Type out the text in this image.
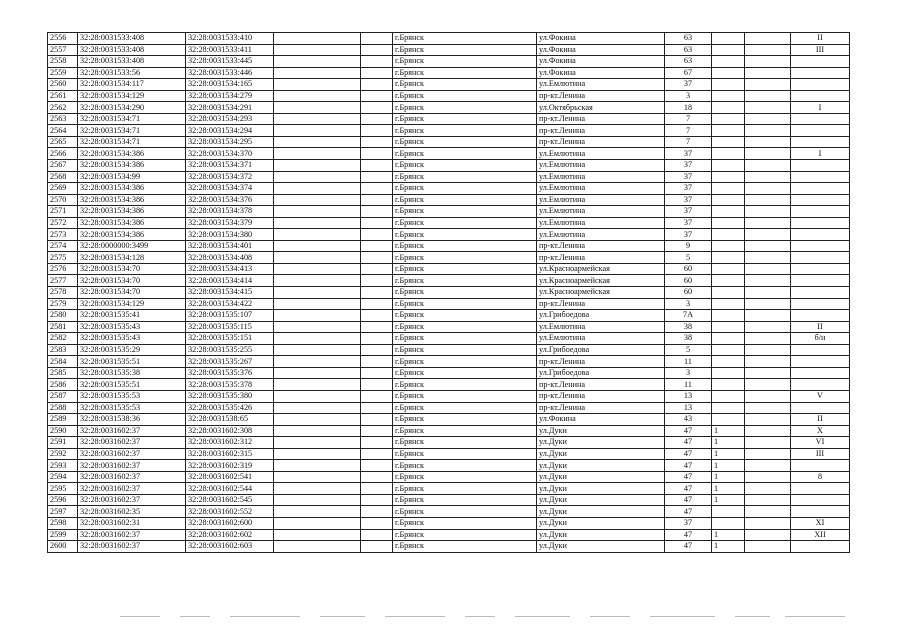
2556	32:28:0031533:408	32:28:0031533:410			г.Брянск	ул.Фокина	63			II
2557	32:28:0031533:408	32:28:0031533:411			г.Брянск	ул.Фокина	63			III
2558	32:28:0031533:408	32:28:0031533:445			г.Брянск	ул.Фокина	63			
2559	32:28:0031533:56	32:28:0031533:446			г.Брянск	ул.Фокина	67			
2560	32:28:0031534:117	32:28:0031534:165			г.Брянск	ул.Емлютина	37			
2561	32:28:0031534:129	32:28:0031534:279			г.Брянск	пр-кт.Ленина	3			
2562	32:28:0031534:290	32:28:0031534:291			г.Брянск	ул.Октябрьская	18			I
2563	32:28:0031534:71	32:28:0031534:293			г.Брянск	пр-кт.Ленина	7			
2564	32:28:0031534:71	32:28:0031534:294			г.Брянск	пр-кт.Ленина	7			
2565	32:28:0031534:71	32:28:0031534:295			г.Брянск	пр-кт.Ленина	7			
2566	32:28:0031534:386	32:28:0031534:370			г.Брянск	ул.Емлютина	37			I
2567	32:28:0031534:386	32:28:0031534:371			г.Брянск	ул.Емлютина	37			
2568	32:28:0031534:99	32:28:0031534:372			г.Брянск	ул.Емлютина	37			
2569	32:28:0031534:386	32:28:0031534:374			г.Брянск	ул.Емлютина	37			
2570	32:28:0031534:386	32:28:0031534:376			г.Брянск	ул.Емлютина	37			
2571	32:28:0031534:386	32:28:0031534:378			г.Брянск	ул.Емлютина	37			
2572	32:28:0031534:386	32:28:0031534:379			г.Брянск	ул.Емлютина	37			
2573	32:28:0031534:386	32:28:0031534:380			г.Брянск	ул.Емлютина	37			
2574	32:28:0000000:3499	32:28:0031534:401			г.Брянск	пр-кт.Ленина	9			
2575	32:28:0031534:128	32:28:0031534:408			г.Брянск	пр-кт.Ленина	5			
2576	32:28:0031534:70	32:28:0031534:413			г.Брянск	ул.Красноармейская	60			
2577	32:28:0031534:70	32:28:0031534:414			г.Брянск	ул.Красноармейская	60			
2578	32:28:0031534:70	32:28:0031534:415			г.Брянск	ул.Красноармейская	60			
2579	32:28:0031534:129	32:28:0031534:422			г.Брянск	пр-кт.Ленина	3			
2580	32:28:0031535:41	32:28:0031535:107			г.Брянск	ул.Грибоедова	7А			
2581	32:28:0031535:43	32:28:0031535:115			г.Брянск	ул.Емлютина	38			II
2582	32:28:0031535:43	32:28:0031535:151			г.Брянск	ул.Емлютина	38			б/н
2583	32:28:0031535:29	32:28:0031535:255			г.Брянск	ул.Грибоедова	5			
2584	32:28:0031535:51	32:28:0031535:267			г.Брянск	пр-кт.Ленина	11			
2585	32:28:0031535:38	32:28:0031535:376			г.Брянск	ул.Грибоедова	3			
2586	32:28:0031535:51	32:28:0031535:378			г.Брянск	пр-кт.Ленина	11			
2587	32:28:0031535:53	32:28:0031535:380			г.Брянск	пр-кт.Ленина	13			V
2588	32:28:0031535:53	32:28:0031535:426			г.Брянск	пр-кт.Ленина	13			
2589	32:28:0031538:36	32:28:0031538:65			г.Брянск	ул.Фокина	43			II
2590	32:28:0031602:37	32:28:0031602:308			г.Брянск	ул.Дуки	47	1		X
2591	32:28:0031602:37	32:28:0031602:312			г.Брянск	ул.Дуки	47	1		VI
2592	32:28:0031602:37	32:28:0031602:315			г.Брянск	ул.Дуки	47	1		III
2593	32:28:0031602:37	32:28:0031602:319			г.Брянск	ул.Дуки	47	1		
2594	32:28:0031602:37	32:28:0031602:541			г.Брянск	ул.Дуки	47	1		8
2595	32:28:0031602:37	32:28:0031602:544			г.Брянск	ул.Дуки	47	1		
2596	32:28:0031602:37	32:28:0031602:545			г.Брянск	ул.Дуки	47	1		
2597	32:28:0031602:35	32:28:0031602:552			г.Брянск	ул.Дуки	47			
2598	32:28:0031602:31	32:28:0031602:600			г.Брянск	ул.Дуки	37			XI
2599	32:28:0031602:37	32:28:0031602:602			г.Брянск	ул.Дуки	47	1		XII
2600	32:28:0031602:37	32:28:0031602:603			г.Брянск	ул.Дуки	47	1		
